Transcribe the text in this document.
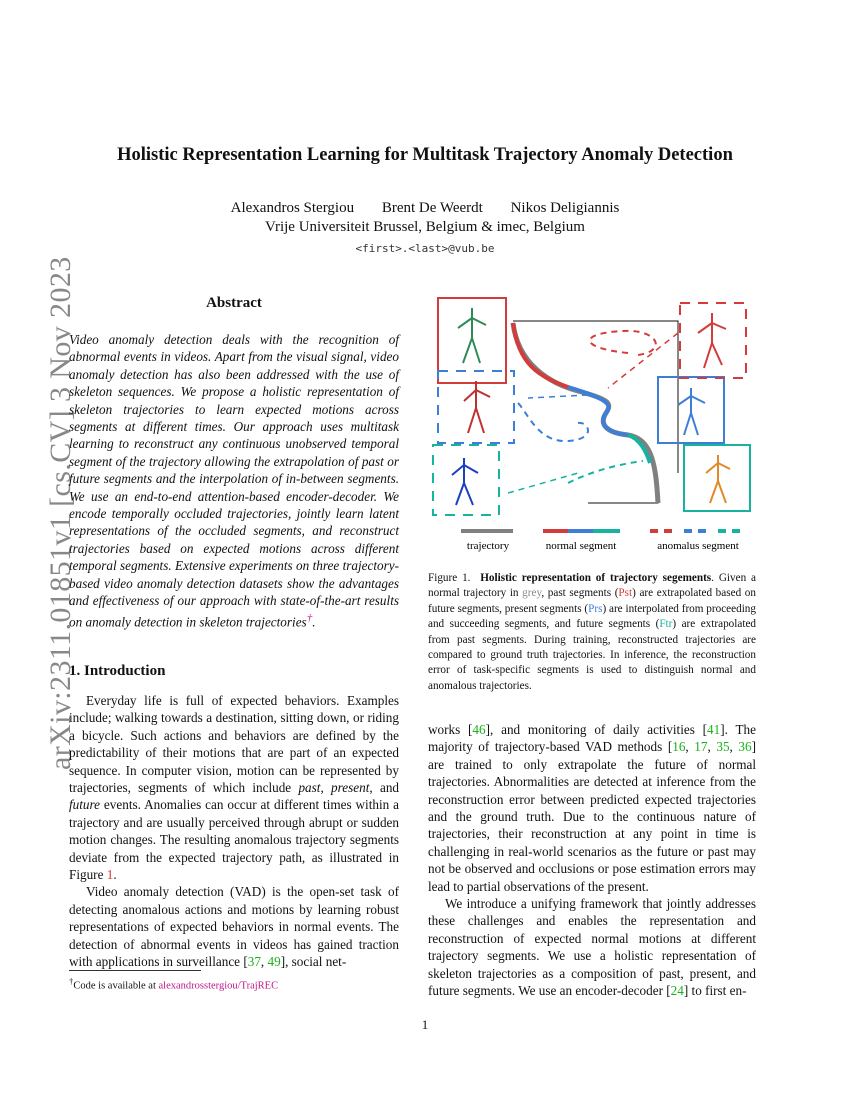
Holistic Representation Learning for Multitask Trajectory Anomaly Detection
Alexandros Stergiou Brent De Weerdt Nikos Deligiannis
Vrije Universiteit Brussel, Belgium & imec, Belgium
<first>.<last>@vub.be
arXiv:2311.01851v1 [cs.CV] 3 Nov 2023	Abstract
Video anomaly detection deals with the recognition of abnormal events in videos. Apart from the visual signal, video anomaly detection has also been addressed with the use of skeleton sequences. We propose a holistic representation of skeleton trajectories to learn expected motions across segments at different times. Our approach uses multitask learning to reconstruct any continuous unobserved temporal segment of the trajectory allowing the extrapolation of past or future segments and the interpolation of in-between segments. We use an end-to-end attention-based encoder-decoder. We encode temporally occluded trajectories, jointly learn latent representations of the occluded segments, and reconstruct trajectories based on expected motions across different temporal segments. Extensive experiments on three trajectory-based video anomaly detection datasets show the advantages and effectiveness of our approach with state-of-the-art results on anomaly detection in skeleton trajectories†.
1. Introduction

Everyday life is full of expected behaviors. Examples include; walking towards a destination, sitting down, or riding a bicycle. Such actions and behaviors are defined by the predictability of their motions that are part of an expected sequence. In computer vision, motion can be represented by trajectories, segments of which include past, present, and future events. Anomalies can occur at different times within a trajectory and are usually perceived through abrupt or sudden motion changes. The resulting anomalous trajectory segments deviate from the expected trajectory path, as illustrated in Figure 1.

Video anomaly detection (VAD) is the open-set task of detecting anomalous actions and motions by learning robust representations of expected behaviors in normal events. The detection of abnormal events in videos has gained traction with applications in surveillance [37, 49], social net-

†Code is available at alexandrosstergiou/TrajREC
trajectory	normal segment	anomalus segment
Figure 1. Holistic representation of trajectory segements. Given a normal trajectory in grey, past segments (Pst) are extrapolated based on future segments, present segments (Prs) are interpolated from proceeding and succeeding segments, and future segments (Ftr) are extrapolated from past segments. During training, reconstructed trajectories are compared to ground truth trajectories. In inference, the reconstruction error of task-specific segments is used to distinguish normal and anomalous trajectories.

works [46], and monitoring of daily activities [41]. The majority of trajectory-based VAD methods [16, 17, 35, 36] are trained to only extrapolate the future of normal trajectories. Abnormalities are detected at inference from the reconstruction error between predicted expected trajectories and the ground truth. Due to the continuous nature of trajectories, their reconstruction at any point in time is challenging in real-world scenarios as the future or past may not be observed and occlusions or pose estimation errors may lead to partial observations of the present.

We introduce a unifying framework that jointly addresses these challenges and enables the representation and reconstruction of expected normal motions at different trajectory segments. We use a holistic representation of skeleton trajectories as a composition of past, present, and future segments. We use an encoder-decoder [24] to first en-

1
